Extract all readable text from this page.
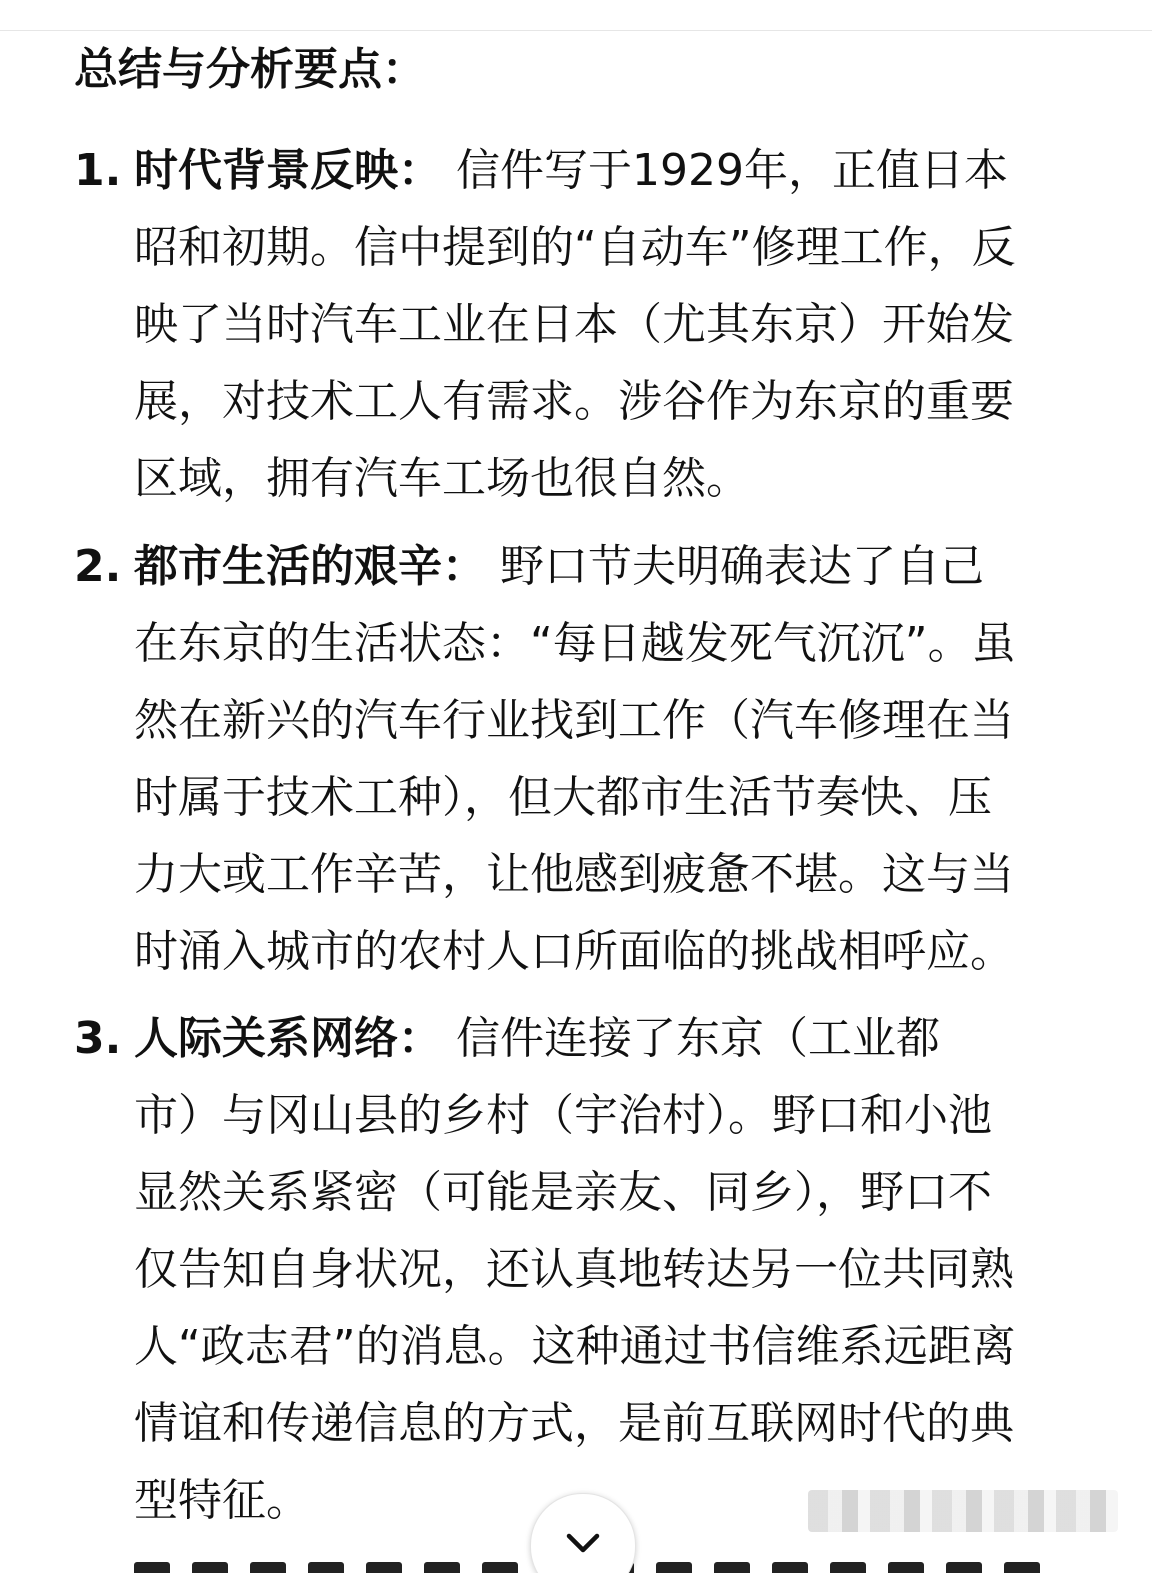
总结与分析要点：
1. 时代背景反映： 信件写于1929年，正值日本
昭和初期。信中提到的“自动车”修理工作，反
映了当时汽车工业在日本（尤其东京）开始发
展，对技术工人有需求。涉谷作为东京的重要
区域，拥有汽车工场也很自然。
2. 都市生活的艰辛： 野口节夫明确表达了自己
在东京的生活状态：“每日越发死气沉沉”。虽
然在新兴的汽车行业找到工作（汽车修理在当
时属于技术工种），但大都市生活节奏快、压
力大或工作辛苦，让他感到疲惫不堪。这与当
时涌入城市的农村人口所面临的挑战相呼应。
3. 人际关系网络： 信件连接了东京（工业都
市）与冈山县的乡村（宇治村）。野口和小池
显然关系紧密（可能是亲友、同乡），野口不
仅告知自身状况，还认真地转达另一位共同熟
人“政志君”的消息。这种通过书信维系远距离
情谊和传递信息的方式，是前互联网时代的典
型特征。
